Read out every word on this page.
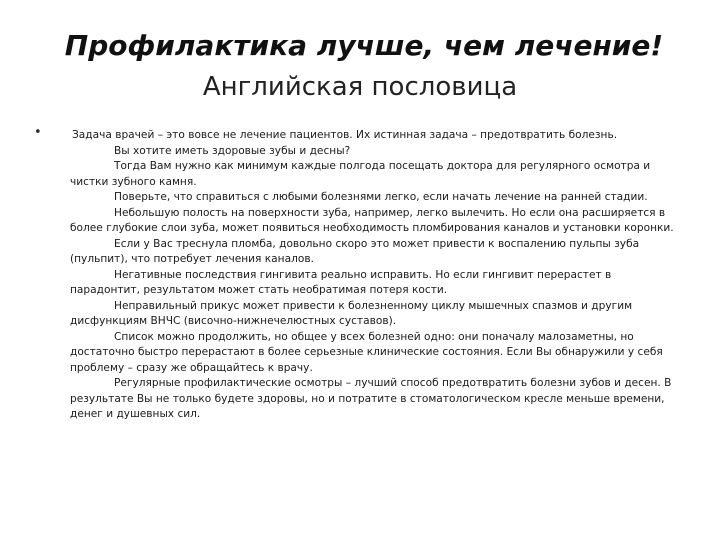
Профилактика лучше, чем лечение!
Английская пословица
•	Задача врачей – это вовсе не лечение пациентов. Их истинная задача – предотвратить болезнь.

Вы хотите иметь здоровые зубы и десны?

Тогда Вам нужно как минимум каждые полгода посещать доктора для регулярного осмотра и чистки зубного камня.

Поверьте, что справиться с любыми болезнями легко, если начать лечение на ранней стадии.

Небольшую полость на поверхности зуба, например, легко вылечить. Но если она расширяется в более глубокие слои зуба, может появиться необходимость пломбирования каналов и установки коронки.

Если у Вас треснула пломба, довольно скоро это может привести к воспалению пульпы зуба (пульпит), что потребует лечения каналов.

Негативные последствия гингивита реально исправить. Но если гингивит перерастет в парадонтит, результатом может стать необратимая потеря кости.

Неправильный прикус может привести к болезненному циклу мышечных спазмов и другим дисфункциям ВНЧС (височно-нижнечелюстных суставов).

Список можно продолжить, но общее у всех болезней одно: они поначалу малозаметны, но достаточно быстро перерастают в более серьезные клинические состояния. Если Вы обнаружили у себя проблему – сразу же обращайтесь к врачу.

Регулярные профилактические осмотры – лучший способ предотвратить болезни зубов и десен. В результате Вы не только будете здоровы, но и потратите в стоматологическом кресле меньше времени, денег и душевных сил.
